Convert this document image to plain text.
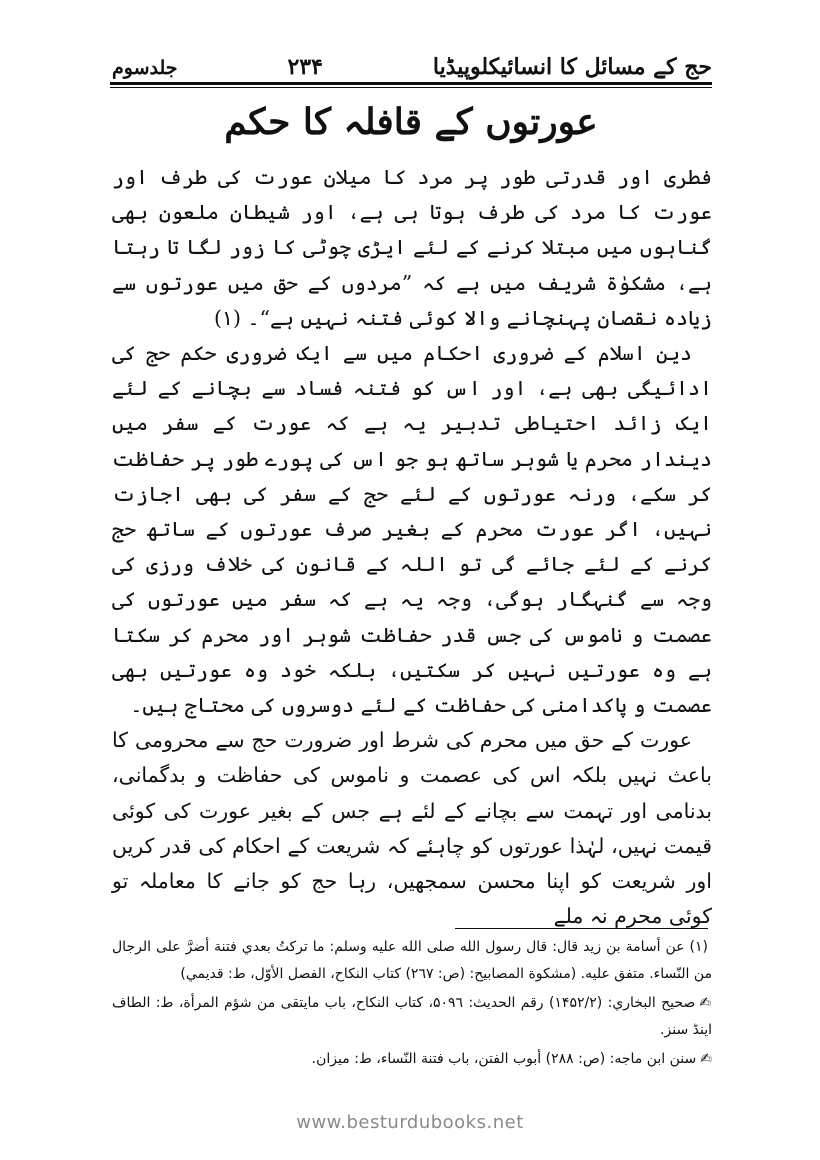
حج کے مسائل کا انسائیکلوپیڈیا
۲۳۴
جلدسوم
عورتوں کے قافلہ کا حکم

فطری اور قدرتی طور پر مرد کا میلان عورت کی طرف اور عورت کا مرد کی طرف ہوتا ہی ہے، اور شیطان ملعون بھی گناہوں میں مبتلا کرنے کے لئے ایڑی چوٹی کا زور لگا تا رہتا ہے، مشکوٰۃ شریف میں ہے کہ ”مردوں کے حق میں عورتوں سے زیادہ نقصان پہنچانے والا کوئی فتنہ نہیں ہے“۔ (۱)

دین اسلام کے ضروری احکام میں سے ایک ضروری حکم حج کی ادائیگی بھی ہے، اور اس کو فتنہ فساد سے بچانے کے لئے ایک زائد احتیاطی تدبیر یہ ہے کہ عورت کے سفر میں دیندار محرم یا شوہر ساتھ ہو جو اس کی پورے طور پر حفاظت کر سکے، ورنہ عورتوں کے لئے حج کے سفر کی بھی اجازت نہیں، اگر عورت محرم کے بغیر صرف عورتوں کے ساتھ حج کرنے کے لئے جائے گی تو اللہ کے قانون کی خلاف ورزی کی وجہ سے گنہگار ہوگی، وجہ یہ ہے کہ سفر میں عورتوں کی عصمت و ناموس کی جس قدر حفاظت شوہر اور محرم کر سکتا ہے وہ عورتیں نہیں کر سکتیں، بلکہ خود وہ عورتیں بھی عصمت و پاکدامنی کی حفاظت کے لئے دوسروں کی محتاج ہیں۔

عورت کے حق میں محرم کی شرط اور ضرورت حج سے محرومی کا باعث نہیں بلکہ اس کی عصمت و ناموس کی حفاظت و بدگمانی، بدنامی اور تہمت سے بچانے کے لئے ہے جس کے بغیر عورت کی کوئی قیمت نہیں، لہٰذا عورتوں کو چاہئے کہ شریعت کے احکام کی قدر کریں اور شریعت کو اپنا محسن سمجھیں، رہا حج کو جانے کا معاملہ تو کوئی محرم نہ ملے

(۱) عن أسامة بن زيد قال: قال رسول الله صلى الله عليه وسلم: ما تركتُ بعدي فتنة أضرَّ على الرجال من النّساء. متفق عليه. (مشكوة المصابيح: (ص: ۲٦٧) كتاب النكاح، الفصل الأوّل، ط: قديمي)

✍صحيح البخاري: (۱۴۵۲/۲) رقم الحديث: ۵۰۹٦، كتاب النكاح، باب مايتقى من شؤم المرأة، ط: الطاف اينڈ سنز.

✍سنن ابن ماجه: (ص: ۲۸۸) أبوب الفتن، باب فتنة النّساء، ط: ميزان.

www.besturdubooks.net
